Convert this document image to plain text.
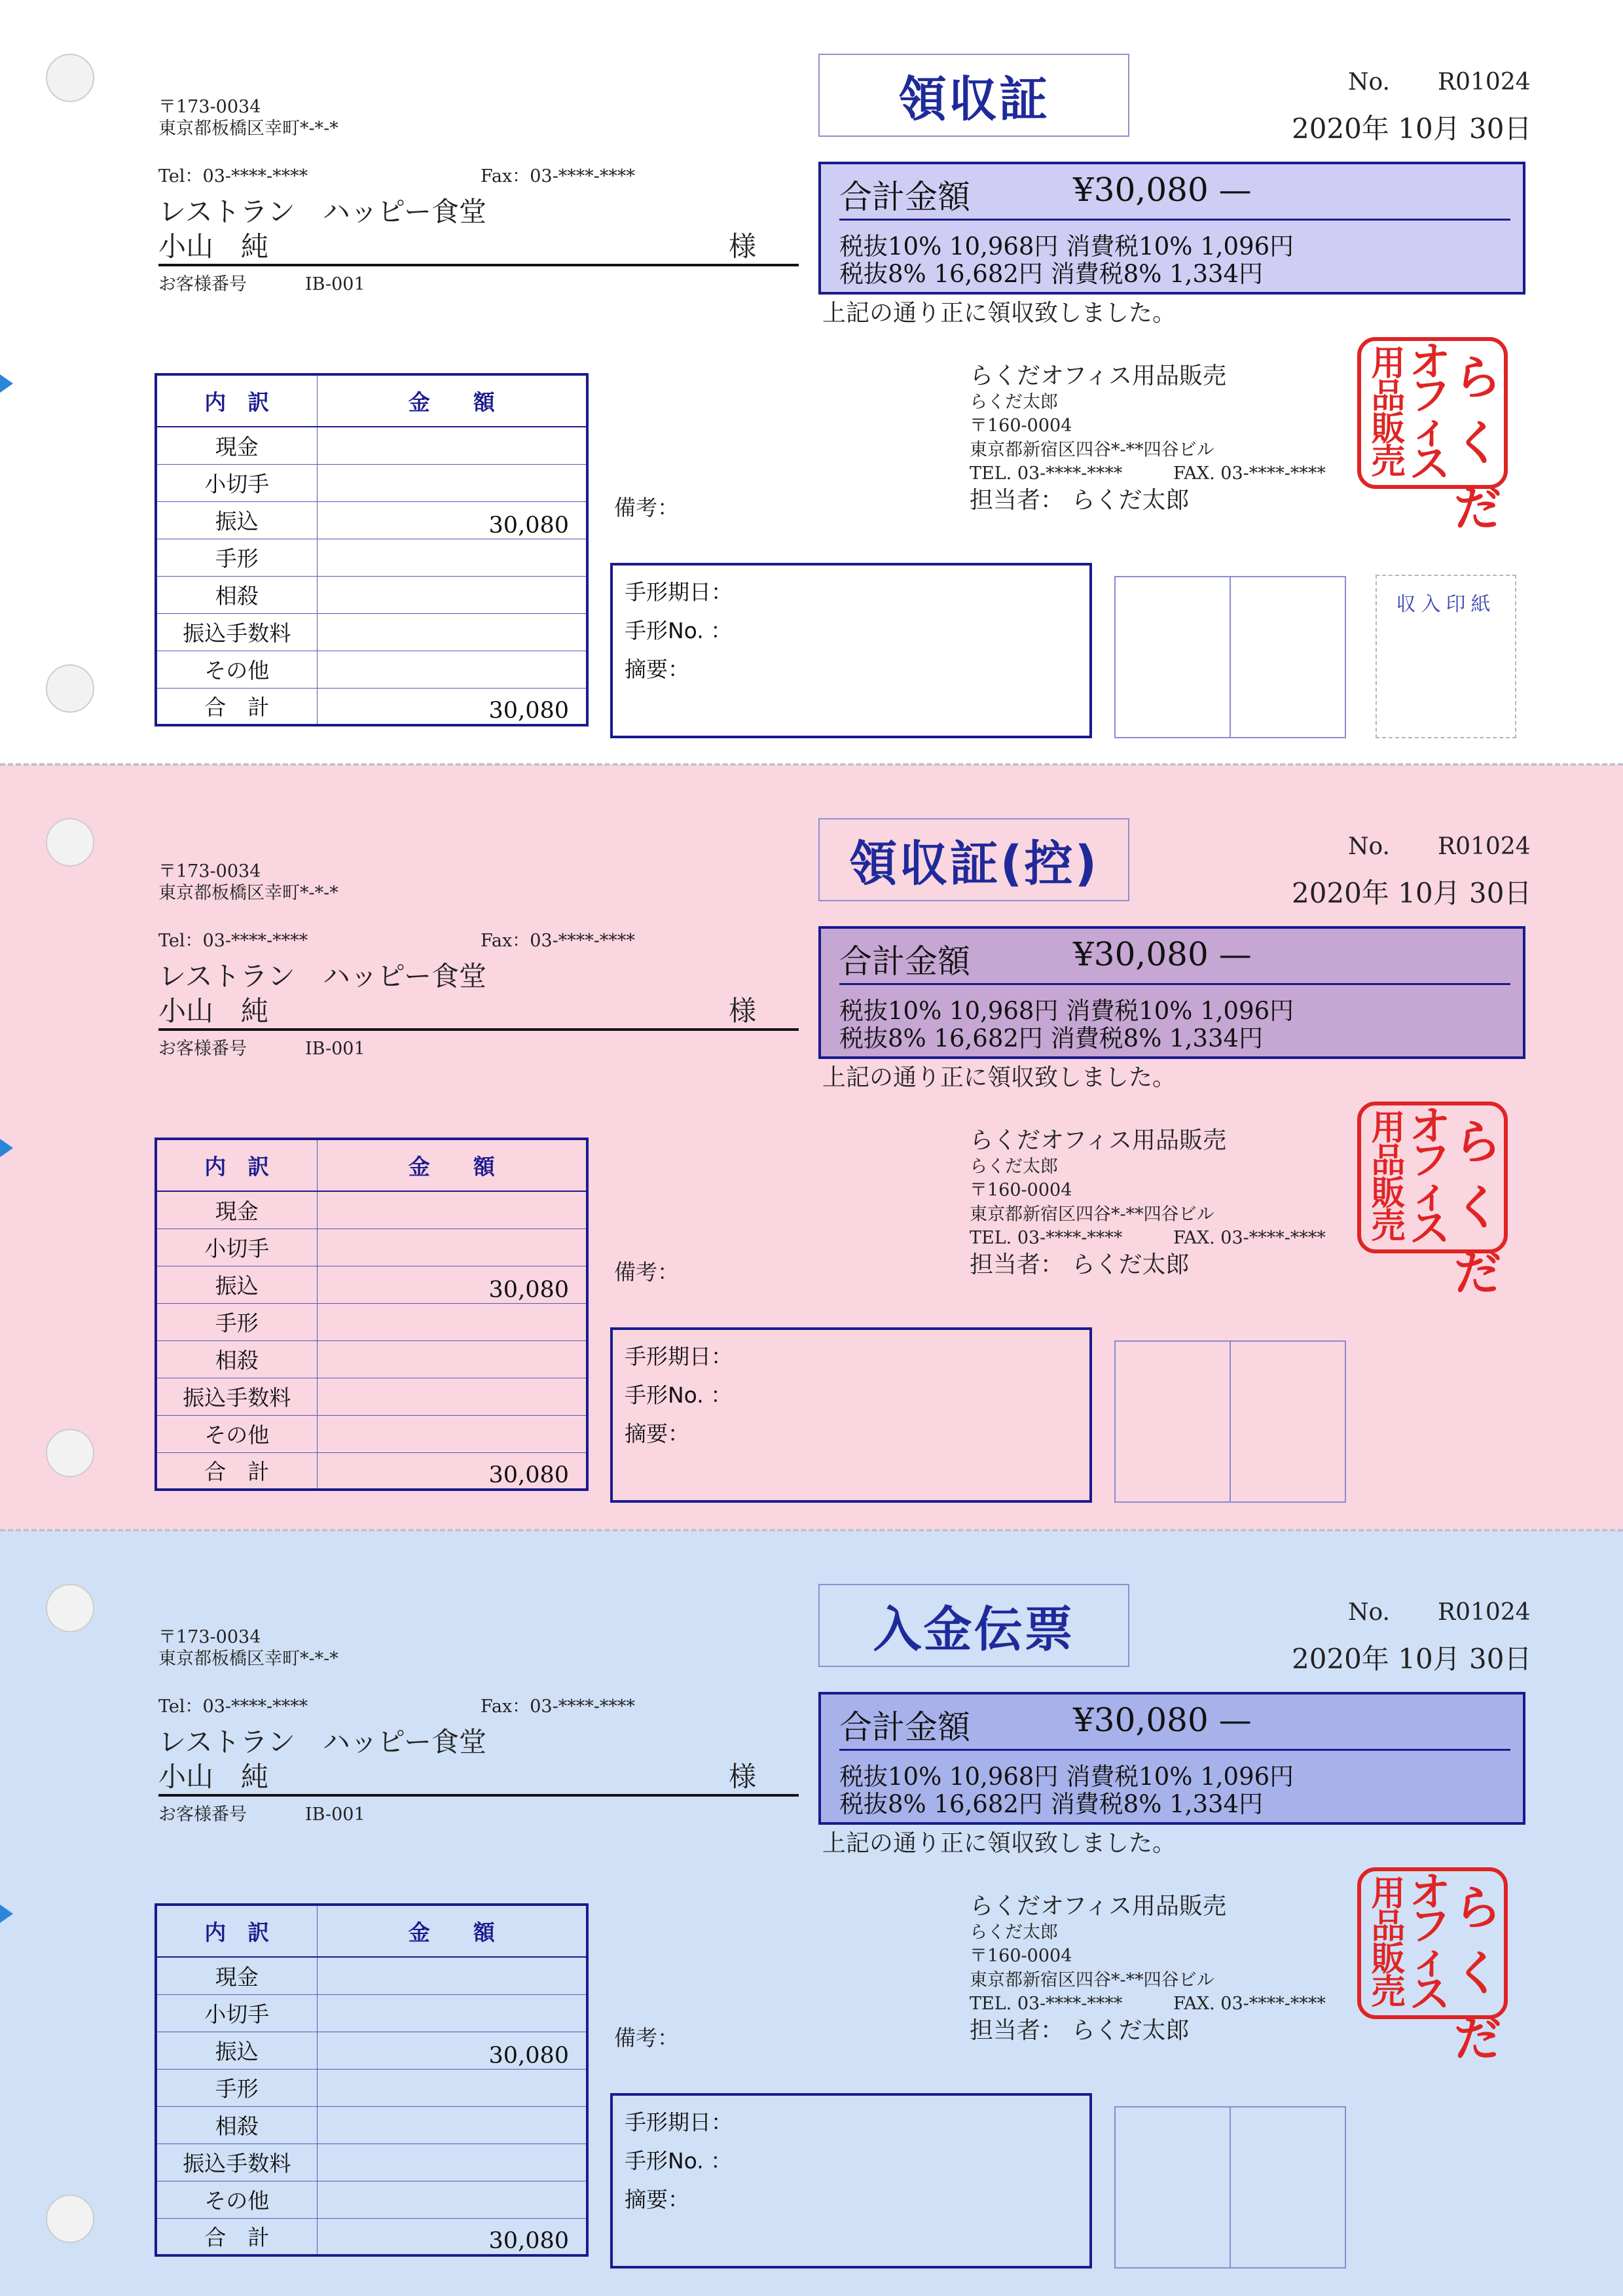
〒173-0034
東京都板橋区幸町*-*-*
Tel：03-****-****	Fax：03-****-****
レストラン　ハッピー食堂
小山　純	様
お客様番号	IB-001
領収証	No. R01024
2020年 10月 30日
合計金額	¥30,080 —
税抜10% 10,968円 消費税10% 1,096円
税抜8% 16,682円 消費税8% 1,334円
上記の通り正に領収致しました。
らくだオフィス用品販売
らくだ太郎
〒160-0004
東京都新宿区四谷*-**四谷ビル
TEL. 03-****-****	FAX. 03-****-****
担当者： らくだ太郎
用
品
販
売
オ
フ
ィ
ス
ら
く
だ
内　訳	金　　額
現金	
小切手	
振込	30,080
手形	
相殺	
振込手数料	
その他	
合　計	30,080
備考：
手形期日：
手形No. ：
摘要：
収入印紙
〒173-0034
東京都板橋区幸町*-*-*
Tel：03-****-****	Fax：03-****-****
レストラン　ハッピー食堂
小山　純	様
お客様番号	IB-001
領収証(控)	No. R01024
2020年 10月 30日
合計金額	¥30,080 —
税抜10% 10,968円 消費税10% 1,096円
税抜8% 16,682円 消費税8% 1,334円
上記の通り正に領収致しました。
らくだオフィス用品販売
らくだ太郎
〒160-0004
東京都新宿区四谷*-**四谷ビル
TEL. 03-****-****	FAX. 03-****-****
担当者： らくだ太郎
用
品
販
売
オ
フ
ィ
ス
ら
く
だ
内　訳	金　　額
現金	
小切手	
振込	30,080
手形	
相殺	
振込手数料	
その他	
合　計	30,080
備考：
手形期日：
手形No. ：
摘要：
〒173-0034
東京都板橋区幸町*-*-*
Tel：03-****-****	Fax：03-****-****
レストラン　ハッピー食堂
小山　純	様
お客様番号	IB-001
入金伝票	No. R01024
2020年 10月 30日
合計金額	¥30,080 —
税抜10% 10,968円 消費税10% 1,096円
税抜8% 16,682円 消費税8% 1,334円
上記の通り正に領収致しました。
らくだオフィス用品販売
らくだ太郎
〒160-0004
東京都新宿区四谷*-**四谷ビル
TEL. 03-****-****	FAX. 03-****-****
担当者： らくだ太郎
用
品
販
売
オ
フ
ィ
ス
ら
く
だ
内　訳	金　　額
現金	
小切手	
振込	30,080
手形	
相殺	
振込手数料	
その他	
合　計	30,080
備考：
手形期日：
手形No. ：
摘要：
